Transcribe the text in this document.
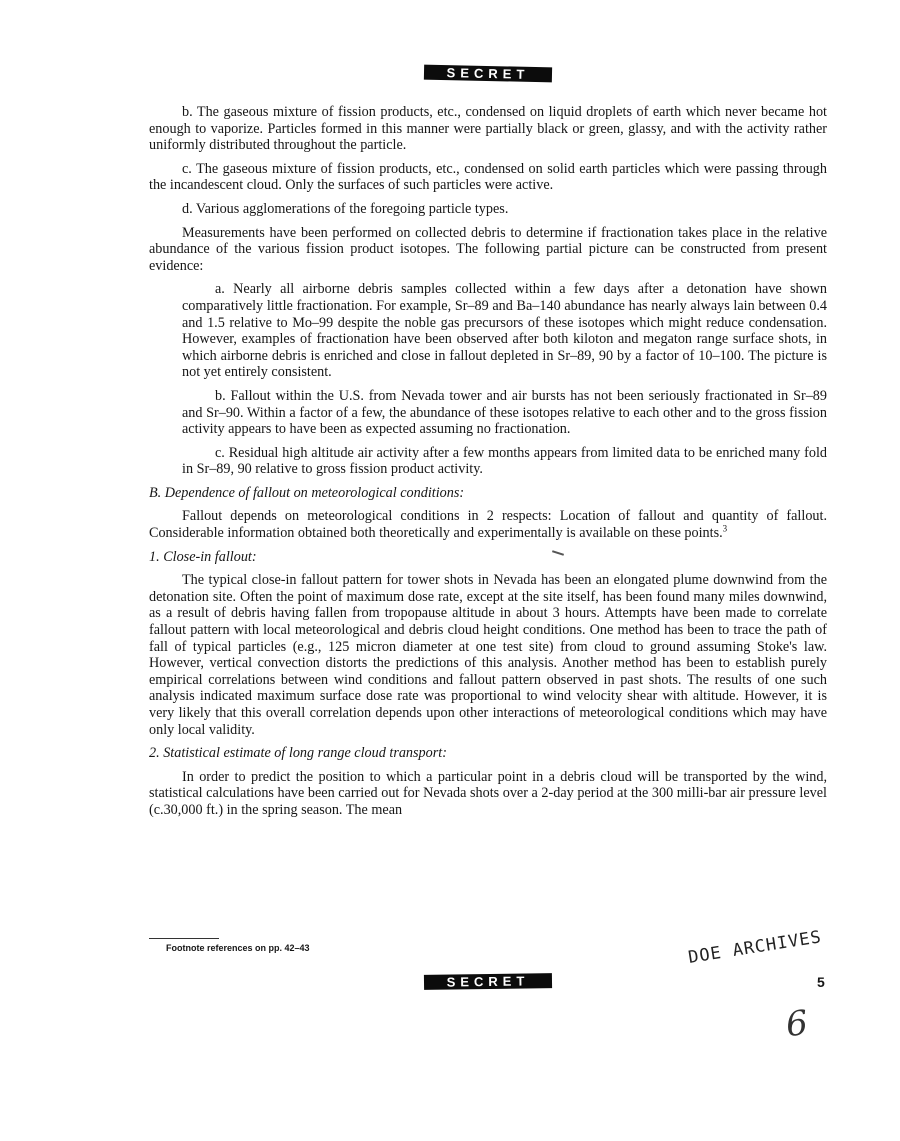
SECRET

b. The gaseous mixture of fission products, etc., condensed on liquid droplets of earth which never became hot enough to vaporize. Particles formed in this manner were partially black or green, glassy, and with the activity rather uniformly distributed throughout the particle.

c. The gaseous mixture of fission products, etc., condensed on solid earth particles which were passing through the incandescent cloud. Only the surfaces of such particles were active.

d. Various agglomerations of the foregoing particle types.

Measurements have been performed on collected debris to determine if fractionation takes place in the relative abundance of the various fission product isotopes. The following partial picture can be constructed from present evidence:

a. Nearly all airborne debris samples collected within a few days after a detonation have shown comparatively little fractionation. For example, Sr–89 and Ba–140 abundance has nearly always lain between 0.4 and 1.5 relative to Mo–99 despite the noble gas precursors of these isotopes which might reduce condensation. However, examples of fractionation have been observed after both kiloton and megaton range surface shots, in which airborne debris is enriched and close in fallout depleted in Sr–89, 90 by a factor of 10–100. The picture is not yet entirely consistent.

b. Fallout within the U.S. from Nevada tower and air bursts has not been seriously fractionated in Sr–89 and Sr–90. Within a factor of a few, the abundance of these isotopes relative to each other and to the gross fission activity appears to have been as expected assuming no fractionation.

c. Residual high altitude air activity after a few months appears from limited data to be enriched many fold in Sr–89, 90 relative to gross fission product activity.

B. Dependence of fallout on meteorological conditions:

Fallout depends on meteorological conditions in 2 respects: Location of fallout and quantity of fallout. Considerable information obtained both theoretically and experimentally is available on these points.$^3$

1. Close-in fallout:

The typical close-in fallout pattern for tower shots in Nevada has been an elongated plume downwind from the detonation site. Often the point of maximum dose rate, except at the site itself, has been found many miles downwind, as a result of debris having fallen from tropopause altitude in about 3 hours. Attempts have been made to correlate fallout pattern with local meteorological and debris cloud height conditions. One method has been to trace the path of fall of typical particles (e.g., 125 micron diameter at one test site) from cloud to ground assuming Stoke's law. However, vertical convection distorts the predictions of this analysis. Another method has been to establish purely empirical correlations between wind conditions and fallout pattern observed in past shots. The results of one such analysis indicated maximum surface dose rate was proportional to wind velocity shear with altitude. However, it is very likely that this overall correlation depends upon other interactions of meteorological conditions which may have only local validity.

2. Statistical estimate of long range cloud transport:

In order to predict the position to which a particular point in a debris cloud will be transported by the wind, statistical calculations have been carried out for Nevada shots over a 2-day period at the 300 milli-bar air pressure level (c.30,000 ft.) in the spring season. The mean

Footnote references on pp. 42–43	DOE ARCHIVES
SECRET	5
6
